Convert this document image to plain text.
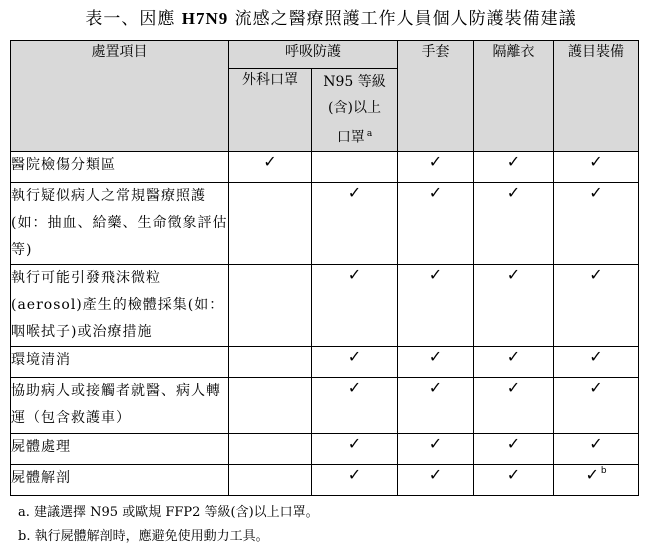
表一、因應 H7N9 流感之醫療照護工作人員個人防護裝備建議
處置項目	呼吸防護		手套	隔離衣	護目裝備
	外科口罩	N95 等級
(含)以上
口罩 $^a$

醫院檢傷分類區	✓		✓	✓	✓
執行疑似病人之常規醫療照護(如：抽血、給藥、生命徵象評估等)		✓	✓	✓	✓
執行可能引發飛沫微粒(aerosol)產生的檢體採集(如：咽喉拭子)或治療措施		✓	✓	✓	✓
環境清消		✓	✓	✓	✓
協助病人或接觸者就醫、病人轉運（包含救護車）		✓	✓	✓	✓
屍體處理		✓	✓	✓	✓
屍體解剖		✓	✓	✓	✓ $^b$
a. 建議選擇 N95 或歐規 FFP2 等級(含)以上口罩。
b. 執行屍體解剖時，應避免使用動力工具。
